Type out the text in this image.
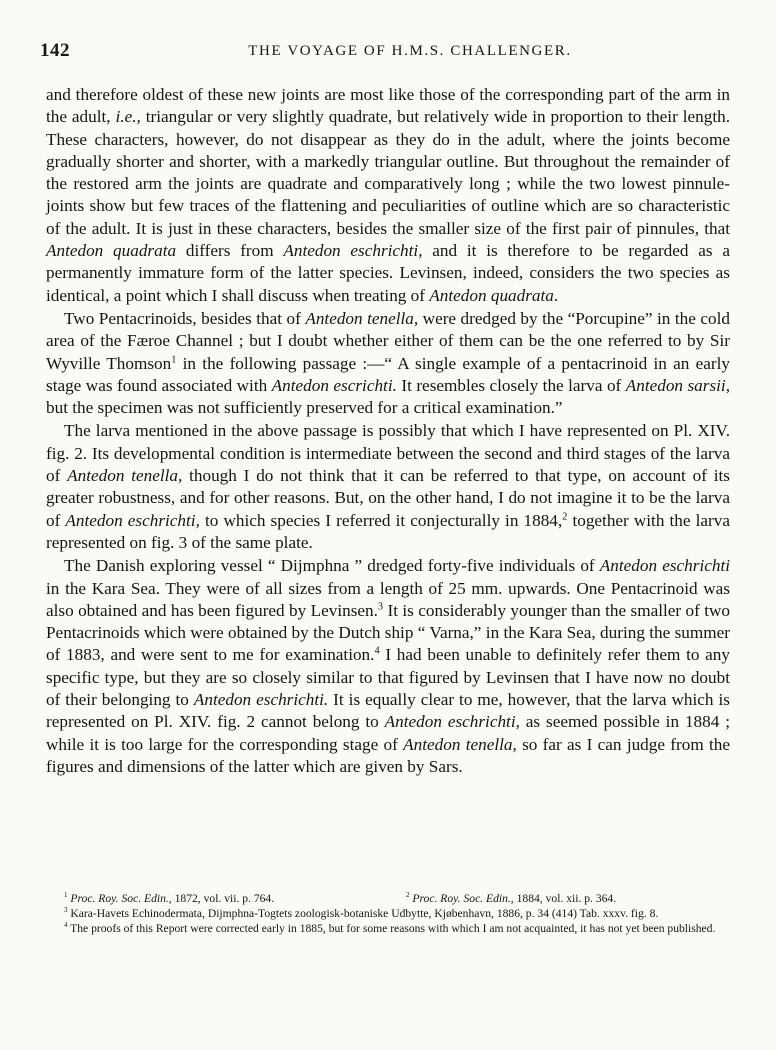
142	THE VOYAGE OF H.M.S. CHALLENGER.

and therefore oldest of these new joints are most like those of the corresponding part of the arm in the adult, i.e., triangular or very slightly quadrate, but relatively wide in proportion to their length. These characters, however, do not disappear as they do in the adult, where the joints become gradually shorter and shorter, with a markedly triangular outline. But throughout the remainder of the restored arm the joints are quadrate and comparatively long ; while the two lowest pinnule-joints show but few traces of the flattening and peculiarities of outline which are so characteristic of the adult. It is just in these characters, besides the smaller size of the first pair of pinnules, that Antedon quadrata differs from Antedon eschrichti, and it is therefore to be regarded as a permanently immature form of the latter species. Levinsen, indeed, considers the two species as identical, a point which I shall discuss when treating of Antedon quadrata.

Two Pentacrinoids, besides that of Antedon tenella, were dredged by the “Porcupine” in the cold area of the Færoe Channel ; but I doubt whether either of them can be the one referred to by Sir Wyville Thomson$^1$ in the following passage :—“ A single example of a pentacrinoid in an early stage was found associated with Antedon escrichti. It resembles closely the larva of Antedon sarsii, but the specimen was not sufficiently preserved for a critical examination.”

The larva mentioned in the above passage is possibly that which I have represented on Pl. XIV. fig. 2. Its developmental condition is intermediate between the second and third stages of the larva of Antedon tenella, though I do not think that it can be referred to that type, on account of its greater robustness, and for other reasons. But, on the other hand, I do not imagine it to be the larva of Antedon eschrichti, to which species I referred it conjecturally in 1884,$^2$ together with the larva represented on fig. 3 of the same plate.

The Danish exploring vessel “ Dijmphna ” dredged forty-five individuals of Antedon eschrichti in the Kara Sea. They were of all sizes from a length of 25 mm. upwards. One Pentacrinoid was also obtained and has been figured by Levinsen.$^3$ It is considerably younger than the smaller of two Pentacrinoids which were obtained by the Dutch ship “ Varna,” in the Kara Sea, during the summer of 1883, and were sent to me for examination.$^4$ I had been unable to definitely refer them to any specific type, but they are so closely similar to that figured by Levinsen that I have now no doubt of their belonging to Antedon eschrichti. It is equally clear to me, however, that the larva which is represented on Pl. XIV. fig. 2 cannot belong to Antedon eschrichti, as seemed possible in 1884 ; while it is too large for the corresponding stage of Antedon tenella, so far as I can judge from the figures and dimensions of the latter which are given by Sars.

$^1$ Proc. Roy. Soc. Edin., 1872, vol. vii. p. 764.	$^2$ Proc. Roy. Soc. Edin., 1884, vol. xii. p. 364.

$^3$ Kara-Havets Echinodermata, Dijmphna-Togtets zoologisk-botaniske Udbytte, Kjøbenhavn, 1886, p. 34 (414) Tab. xxxv. fig. 8.

$^4$ The proofs of this Report were corrected early in 1885, but for some reasons with which I am not acquainted, it has not yet been published.
